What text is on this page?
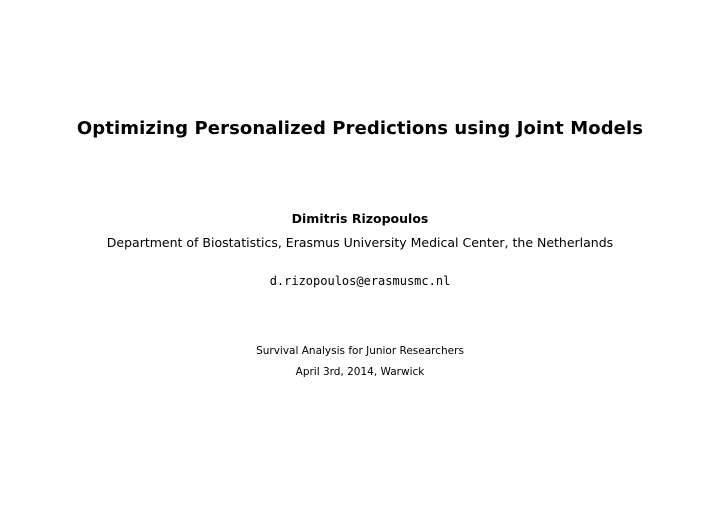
Optimizing Personalized Predictions using Joint Models
Dimitris Rizopoulos
Department of Biostatistics, Erasmus University Medical Center, the Netherlands
d.rizopoulos@erasmusmc.nl
Survival Analysis for Junior Researchers
April 3rd, 2014, Warwick
